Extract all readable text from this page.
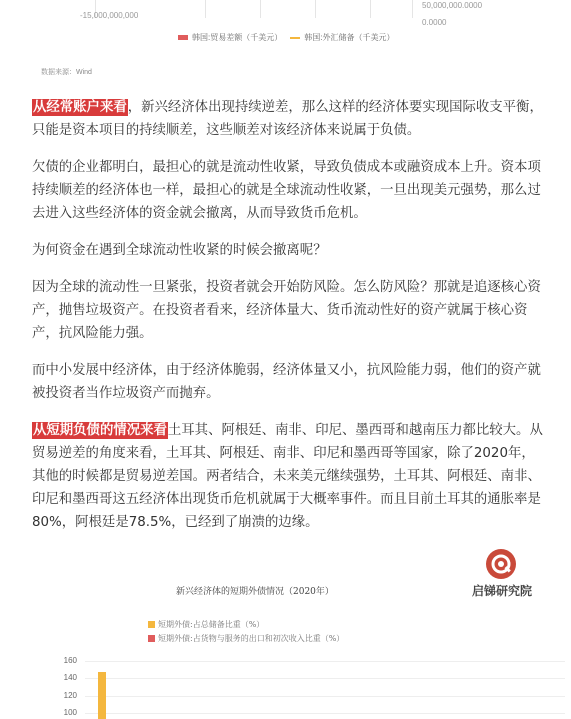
-15,000,000,000
50,000,000.0000
0.0000
韩国:贸易差额（千美元）	韩国:外汇储备（千美元）
数据来源：Wind

从经常账户来看，新兴经济体出现持续逆差，那么这样的经济体要实现国际收支平衡，只能是资本项目的持续顺差，这些顺差对该经济体来说属于负债。

欠债的企业都明白，最担心的就是流动性收紧，导致负债成本或融资成本上升。资本项持续顺差的经济体也一样，最担心的就是全球流动性收紧，一旦出现美元强势，那么过去进入这些经济体的资金就会撤离，从而导致货币危机。

为何资金在遇到全球流动性收紧的时候会撤离呢？

因为全球的流动性一旦紧张，投资者就会开始防风险。怎么防风险？那就是追逐核心资产，抛售垃圾资产。在投资者看来，经济体量大、货币流动性好的资产就属于核心资产，抗风险能力强。

而中小发展中经济体，由于经济体脆弱，经济体量又小，抗风险能力弱，他们的资产就被投资者当作垃圾资产而抛弃。

从短期负债的情况来看土耳其、阿根廷、南非、印尼、墨西哥和越南压力都比较大。从贸易逆差的角度来看，土耳其、阿根廷、南非、印尼和墨西哥等国家，除了2020年，其他的时候都是贸易逆差国。两者结合，未来美元继续强势，土耳其、阿根廷、南非、印尼和墨西哥这五经济体出现货币危机就属于大概率事件。而且目前土耳其的通胀率是80%，阿根廷是78.5%，已经到了崩溃的边缘。

启锑研究院
新兴经济体的短期外债情况（2020年）
短期外债:占总储备比重（%）
短期外债:占货物与服务的出口和初次收入比重（%）
100
120
140
160
